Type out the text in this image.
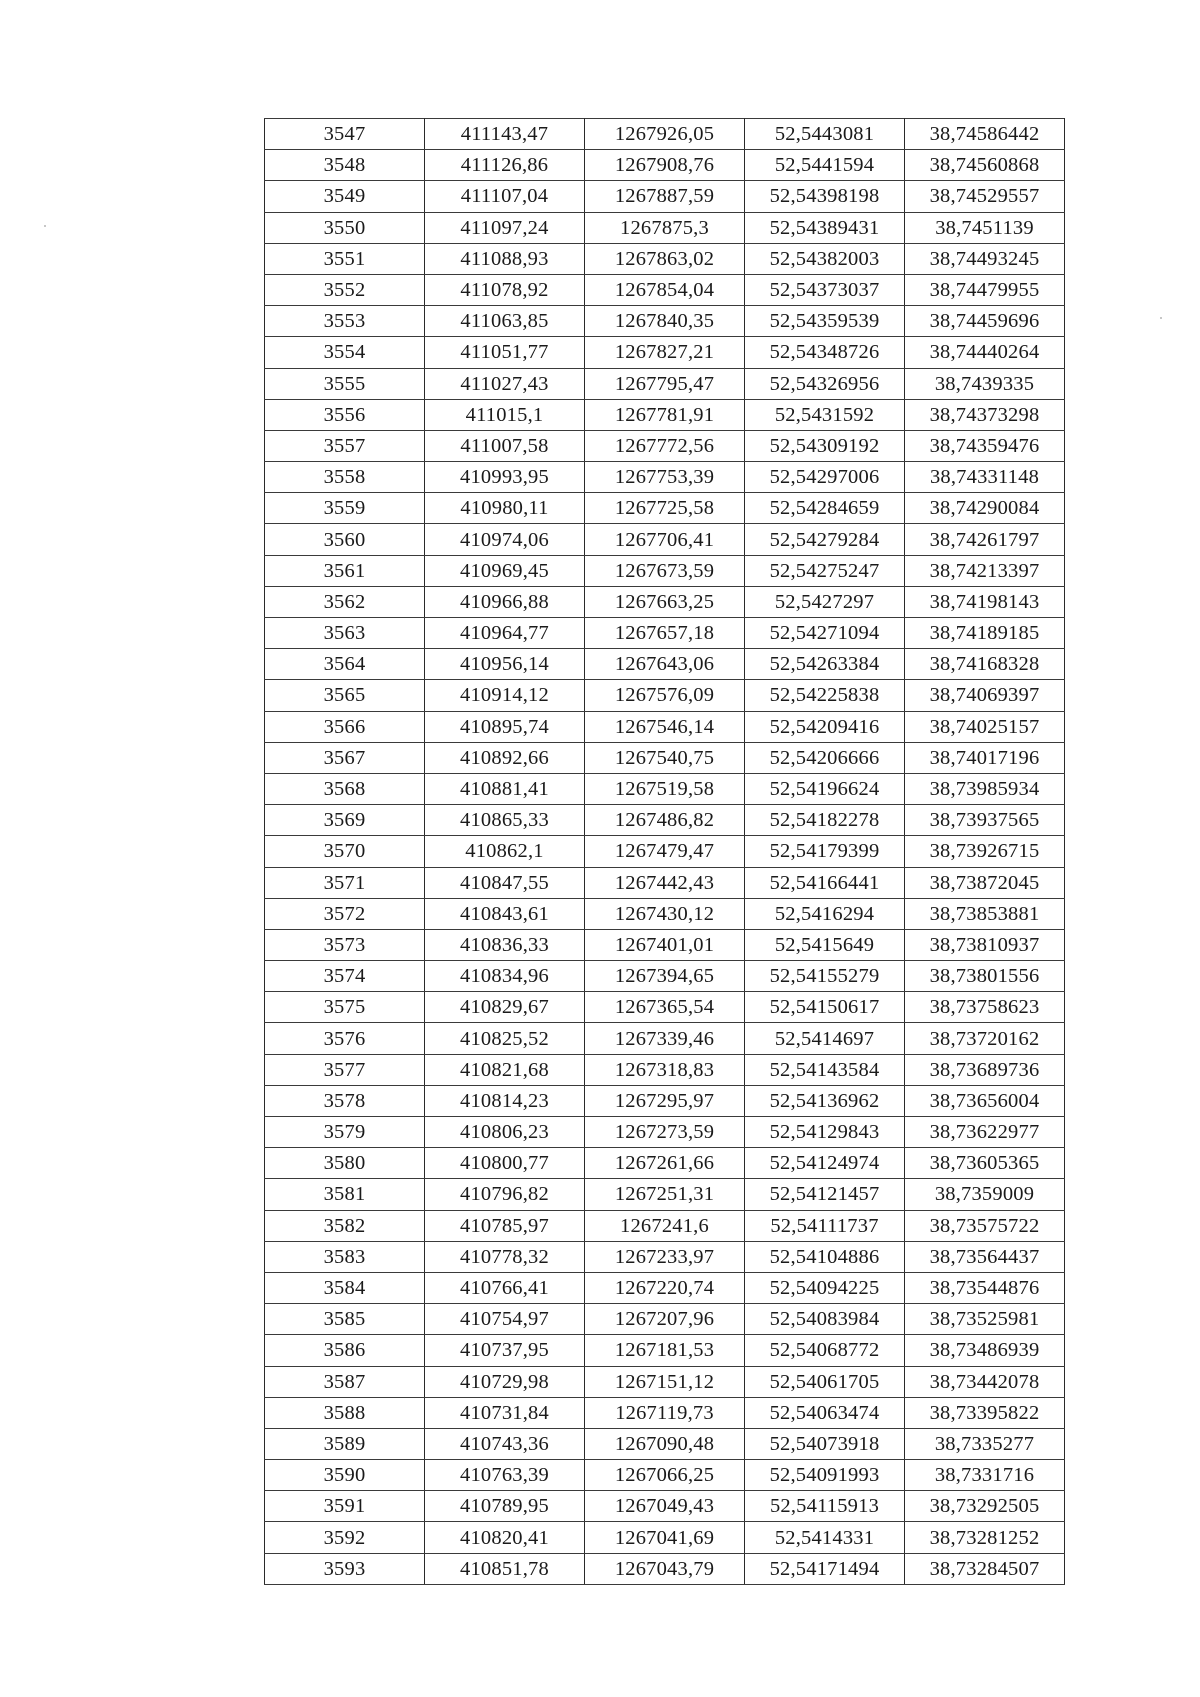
3547	411143,47	1267926,05	52,5443081	38,74586442
3548	411126,86	1267908,76	52,5441594	38,74560868
3549	411107,04	1267887,59	52,54398198	38,74529557
3550	411097,24	1267875,3	52,54389431	38,7451139
3551	411088,93	1267863,02	52,54382003	38,74493245
3552	411078,92	1267854,04	52,54373037	38,74479955
3553	411063,85	1267840,35	52,54359539	38,74459696
3554	411051,77	1267827,21	52,54348726	38,74440264
3555	411027,43	1267795,47	52,54326956	38,7439335
3556	411015,1	1267781,91	52,5431592	38,74373298
3557	411007,58	1267772,56	52,54309192	38,74359476
3558	410993,95	1267753,39	52,54297006	38,74331148
3559	410980,11	1267725,58	52,54284659	38,74290084
3560	410974,06	1267706,41	52,54279284	38,74261797
3561	410969,45	1267673,59	52,54275247	38,74213397
3562	410966,88	1267663,25	52,5427297	38,74198143
3563	410964,77	1267657,18	52,54271094	38,74189185
3564	410956,14	1267643,06	52,54263384	38,74168328
3565	410914,12	1267576,09	52,54225838	38,74069397
3566	410895,74	1267546,14	52,54209416	38,74025157
3567	410892,66	1267540,75	52,54206666	38,74017196
3568	410881,41	1267519,58	52,54196624	38,73985934
3569	410865,33	1267486,82	52,54182278	38,73937565
3570	410862,1	1267479,47	52,54179399	38,73926715
3571	410847,55	1267442,43	52,54166441	38,73872045
3572	410843,61	1267430,12	52,5416294	38,73853881
3573	410836,33	1267401,01	52,5415649	38,73810937
3574	410834,96	1267394,65	52,54155279	38,73801556
3575	410829,67	1267365,54	52,54150617	38,73758623
3576	410825,52	1267339,46	52,5414697	38,73720162
3577	410821,68	1267318,83	52,54143584	38,73689736
3578	410814,23	1267295,97	52,54136962	38,73656004
3579	410806,23	1267273,59	52,54129843	38,73622977
3580	410800,77	1267261,66	52,54124974	38,73605365
3581	410796,82	1267251,31	52,54121457	38,7359009
3582	410785,97	1267241,6	52,54111737	38,73575722
3583	410778,32	1267233,97	52,54104886	38,73564437
3584	410766,41	1267220,74	52,54094225	38,73544876
3585	410754,97	1267207,96	52,54083984	38,73525981
3586	410737,95	1267181,53	52,54068772	38,73486939
3587	410729,98	1267151,12	52,54061705	38,73442078
3588	410731,84	1267119,73	52,54063474	38,73395822
3589	410743,36	1267090,48	52,54073918	38,7335277
3590	410763,39	1267066,25	52,54091993	38,7331716
3591	410789,95	1267049,43	52,54115913	38,73292505
3592	410820,41	1267041,69	52,5414331	38,73281252
3593	410851,78	1267043,79	52,54171494	38,73284507
